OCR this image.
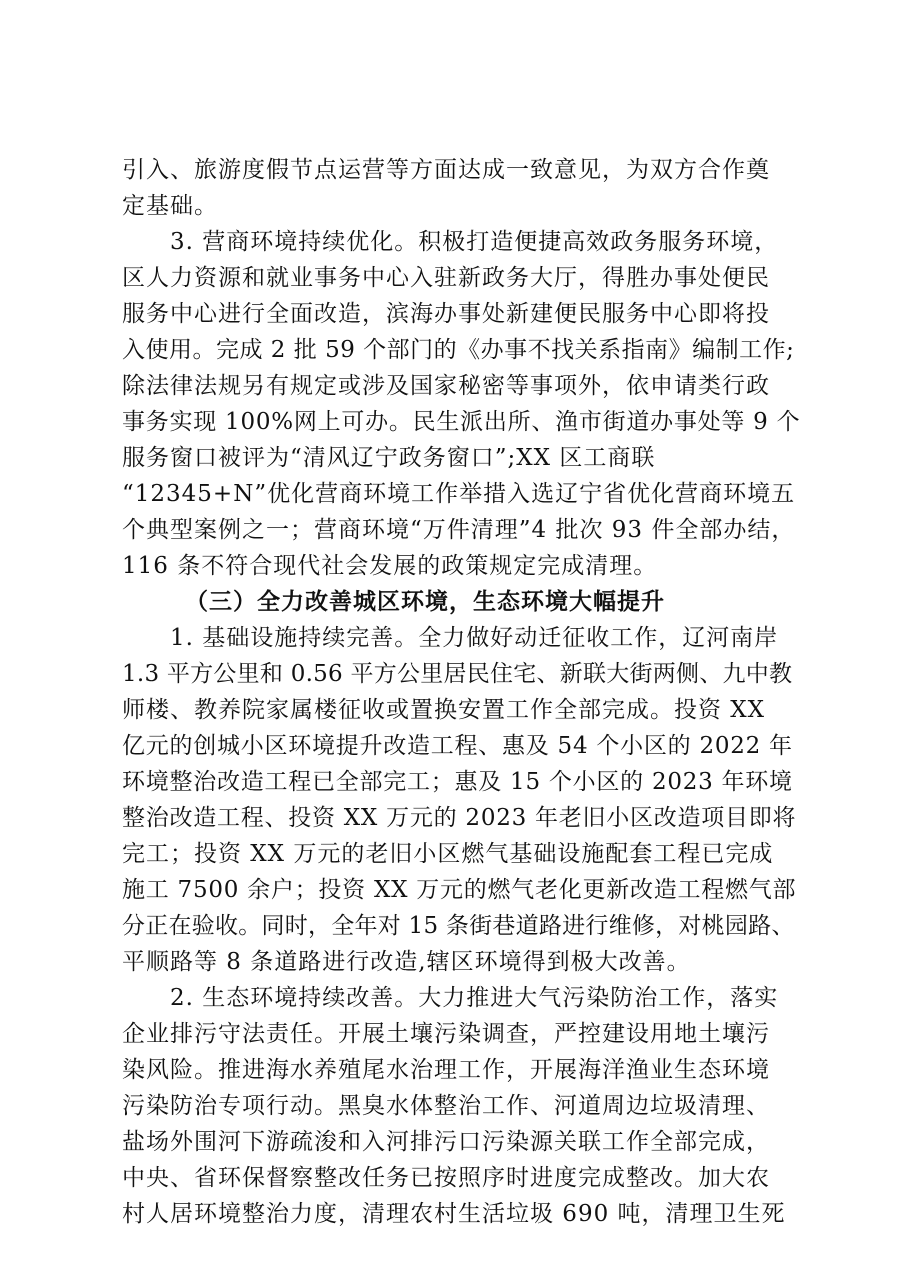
引入、旅游度假节点运营等方面达成一致意见，为双方合作奠
定基础。
3. 营商环境持续优化。积极打造便捷高效政务服务环境，
区人力资源和就业事务中心入驻新政务大厅，得胜办事处便民
服务中心进行全面改造，滨海办事处新建便民服务中心即将投
入使用。完成 2 批 59 个部门的《办事不找关系指南》编制工作;
除法律法规另有规定或涉及国家秘密等事项外，依申请类行政
事务实现 100%网上可办。民生派出所、渔市街道办事处等 9 个
服务窗口被评为“清风辽宁政务窗口”;XX 区工商联
“12345+N”优化营商环境工作举措入选辽宁省优化营商环境五
个典型案例之一；营商环境“万件清理”4 批次 93 件全部办结，
116 条不符合现代社会发展的政策规定完成清理。
（三）全力改善城区环境，生态环境大幅提升
1. 基础设施持续完善。全力做好动迁征收工作，辽河南岸
1.3 平方公里和 0.56 平方公里居民住宅、新联大街两侧、九中教
师楼、教养院家属楼征收或置换安置工作全部完成。投资 XX
亿元的创城小区环境提升改造工程、惠及 54 个小区的 2022 年
环境整治改造工程已全部完工；惠及 15 个小区的 2023 年环境
整治改造工程、投资 XX 万元的 2023 年老旧小区改造项目即将
完工；投资 XX 万元的老旧小区燃气基础设施配套工程已完成
施工 7500 余户；投资 XX 万元的燃气老化更新改造工程燃气部
分正在验收。同时，全年对 15 条街巷道路进行维修，对桃园路、
平顺路等 8 条道路进行改造,辖区环境得到极大改善。
2. 生态环境持续改善。大力推进大气污染防治工作，落实
企业排污守法责任。开展土壤污染调查，严控建设用地土壤污
染风险。推进海水养殖尾水治理工作，开展海洋渔业生态环境
污染防治专项行动。黑臭水体整治工作、河道周边垃圾清理、
盐场外围河下游疏浚和入河排污口污染源关联工作全部完成，
中央、省环保督察整改任务已按照序时进度完成整改。加大农
村人居环境整治力度，清理农村生活垃圾 690 吨，清理卫生死
